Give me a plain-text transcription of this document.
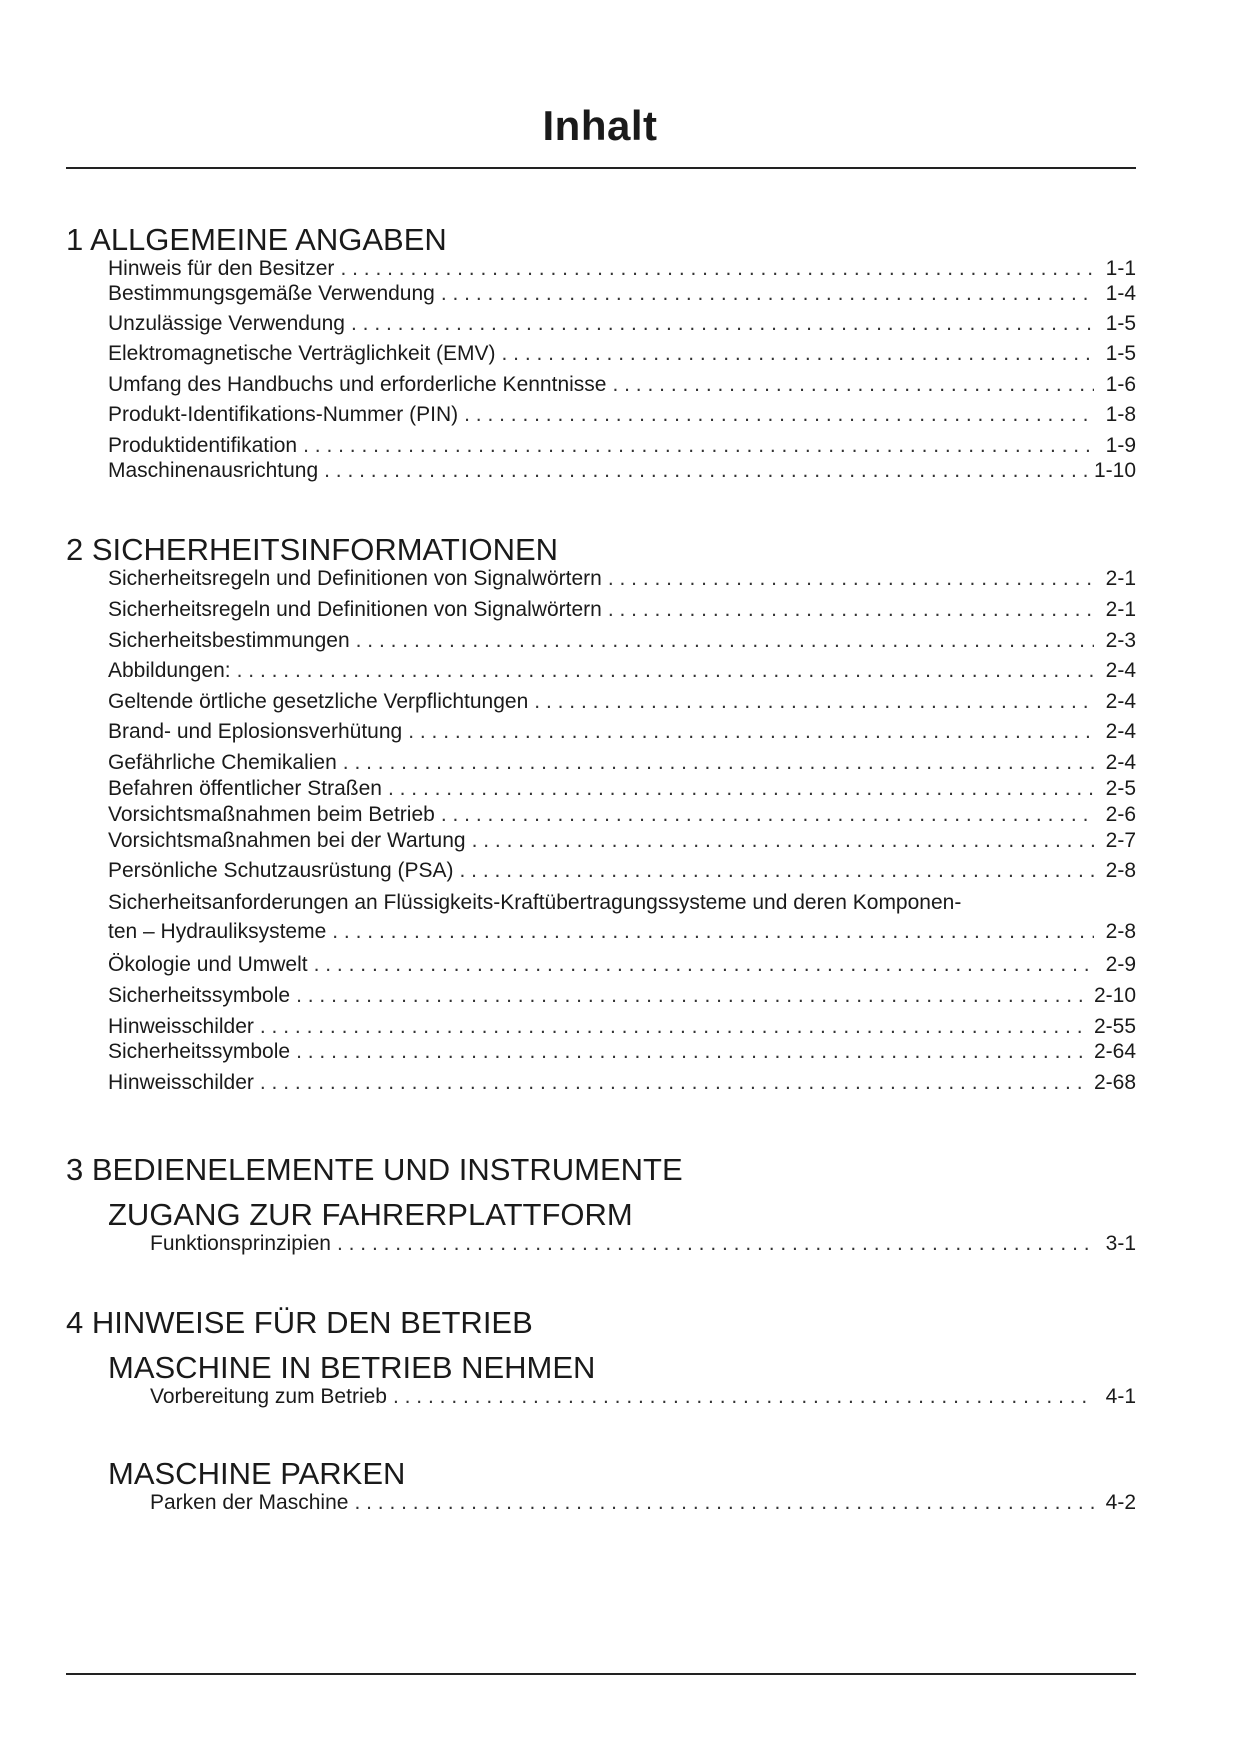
Inhalt
1 ALLGEMEINE ANGABEN
Hinweis für den Besitzer . . .	1-1
Bestimmungsgemäße Verwendung . . .	1-4
Unzulässige Verwendung . . .	1-5
Elektromagnetische Verträglichkeit (EMV) . . .	1-5
Umfang des Handbuchs und erforderliche Kenntnisse . . .	1-6
Produkt-Identifikations-Nummer (PIN) . . .	1-8
Produktidentifikation . . .	1-9
Maschinenausrichtung . . .	1-10
2 SICHERHEITSINFORMATIONEN
Sicherheitsregeln und Definitionen von Signalwörtern . . .	2-1
Sicherheitsregeln und Definitionen von Signalwörtern . . .	2-1
Sicherheitsbestimmungen . . .	2-3
Abbildungen: . . .	2-4
Geltende örtliche gesetzliche Verpflichtungen . . .	2-4
Brand- und Eplosionsverhütung . . .	2-4
Gefährliche Chemikalien . . .	2-4
Befahren öffentlicher Straßen . . .	2-5
Vorsichtsmaßnahmen beim Betrieb . . .	2-6
Vorsichtsmaßnahmen bei der Wartung . . .	2-7
Persönliche Schutzausrüstung (PSA) . . .	2-8
Sicherheitsanforderungen an Flüssigkeits-Kraftübertragungssysteme und deren Komponen-
ten – Hydrauliksysteme . . .	2-8
Ökologie und Umwelt . . .	2-9
Sicherheitssymbole . . .	2-10
Hinweisschilder . . .	2-55
Sicherheitssymbole . . .	2-64
Hinweisschilder . . .	2-68
3 BEDIENELEMENTE UND INSTRUMENTE
ZUGANG ZUR FAHRERPLATTFORM
Funktionsprinzipien . . .	3-1
4 HINWEISE FÜR DEN BETRIEB
MASCHINE IN BETRIEB NEHMEN
Vorbereitung zum Betrieb . . .	4-1
MASCHINE PARKEN
Parken der Maschine . . .	4-2
